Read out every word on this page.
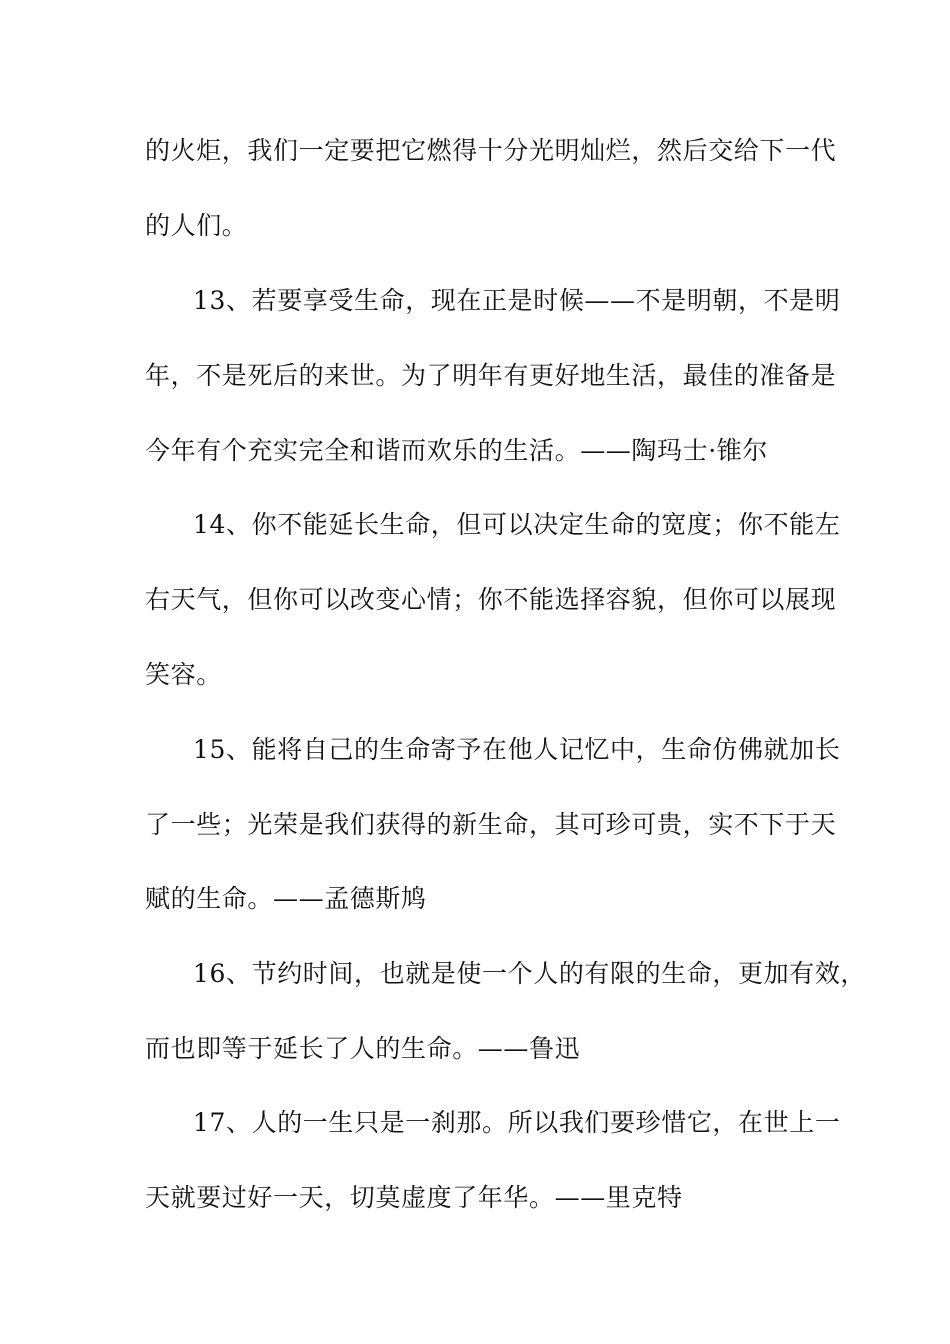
的火炬，我们一定要把它燃得十分光明灿烂，然后交给下一代
的人们。
13、若要享受生命，现在正是时候——不是明朝，不是明
年，不是死后的来世。为了明年有更好地生活，最佳的准备是
今年有个充实完全和谐而欢乐的生活。——陶玛士·锥尔
14、你不能延长生命，但可以决定生命的宽度；你不能左
右天气，但你可以改变心情；你不能选择容貌，但你可以展现
笑容。
15、能将自己的生命寄予在他人记忆中，生命仿佛就加长
了一些；光荣是我们获得的新生命，其可珍可贵，实不下于天
赋的生命。——孟德斯鸠
16、节约时间，也就是使一个人的有限的生命，更加有效，
而也即等于延长了人的生命。——鲁迅
17、人的一生只是一刹那。所以我们要珍惜它，在世上一
天就要过好一天，切莫虚度了年华。——里克特
